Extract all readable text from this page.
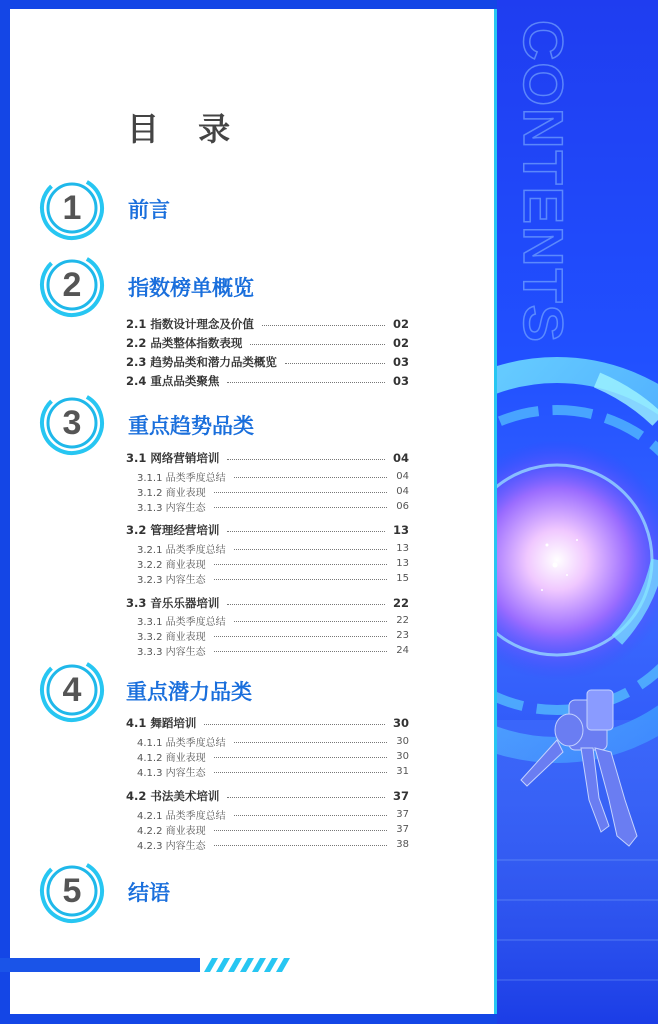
CONTENTS
目 录
1
2
3
4
5
前言
指数榜单概览
重点趋势品类
重点潜力品类
结语
2.1 指数设计理念及价值	02
2.2 品类整体指数表现	02
2.3 趋势品类和潜力品类概览	03
2.4 重点品类聚焦	03
3.1 网络营销培训	04
3.1.1 品类季度总结	04
3.1.2 商业表现	04
3.1.3 内容生态	06
3.2 管理经营培训	13
3.2.1 品类季度总结	13
3.2.2 商业表现	13
3.2.3 内容生态	15
3.3 音乐乐器培训	22
3.3.1 品类季度总结	22
3.3.2 商业表现	23
3.3.3 内容生态	24
4.1 舞蹈培训	30
4.1.1 品类季度总结	30
4.1.2 商业表现	30
4.1.3 内容生态	31
4.2 书法美术培训	37
4.2.1 品类季度总结	37
4.2.2 商业表现	37
4.2.3 内容生态	38
